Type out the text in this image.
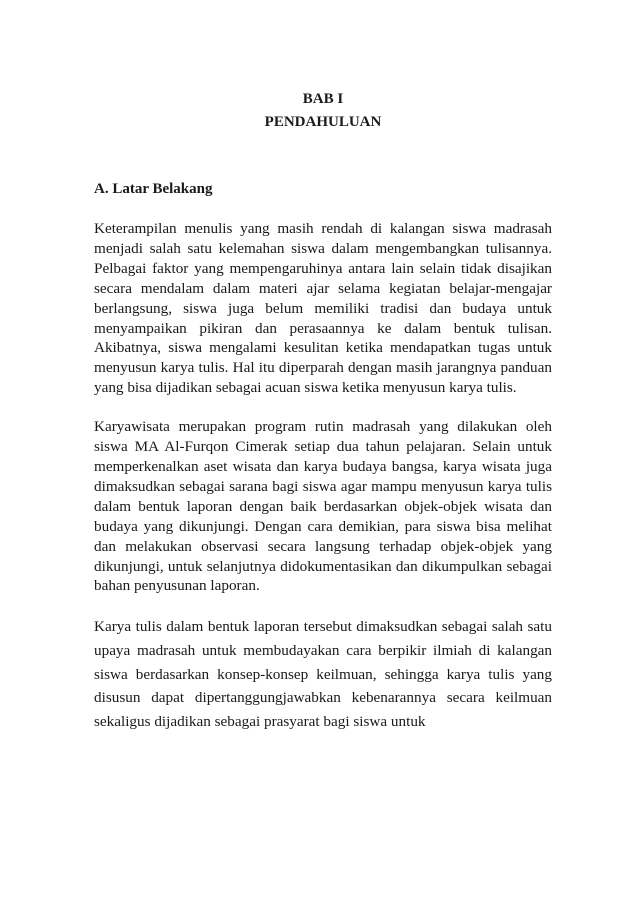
BAB I
PENDAHULUAN
A. Latar Belakang

Keterampilan menulis yang masih rendah di kalangan siswa madrasah menjadi salah satu kelemahan siswa dalam mengembangkan tulisannya. Pelbagai faktor yang mempengaruhinya antara lain selain tidak disajikan secara mendalam dalam materi ajar selama kegiatan belajar-mengajar berlangsung, siswa juga belum memiliki tradisi dan budaya untuk menyampaikan pikiran dan perasaannya ke dalam bentuk tulisan. Akibatnya, siswa mengalami kesulitan ketika mendapatkan tugas untuk menyusun karya tulis. Hal itu diperparah dengan masih jarangnya panduan yang bisa dijadikan sebagai acuan siswa ketika menyusun karya tulis.

Karyawisata merupakan program rutin madrasah yang dilakukan oleh siswa MA Al-Furqon Cimerak setiap dua tahun pelajaran. Selain untuk memperkenalkan aset wisata dan karya budaya bangsa, karya wisata juga dimaksudkan sebagai sarana bagi siswa agar mampu menyusun karya tulis dalam bentuk laporan dengan baik berdasarkan objek-objek wisata dan budaya yang dikunjungi. Dengan cara demikian, para siswa bisa melihat dan melakukan observasi secara langsung terhadap objek-objek yang dikunjungi, untuk selanjutnya didokumentasikan dan dikumpulkan sebagai bahan penyusunan laporan.

Karya tulis dalam bentuk laporan tersebut dimaksudkan sebagai salah satu upaya madrasah untuk membudayakan cara berpikir ilmiah di kalangan siswa berdasarkan konsep-konsep keilmuan, sehingga karya tulis yang disusun dapat dipertanggungjawabkan kebenarannya secara keilmuan sekaligus dijadikan sebagai prasyarat bagi siswa untuk
